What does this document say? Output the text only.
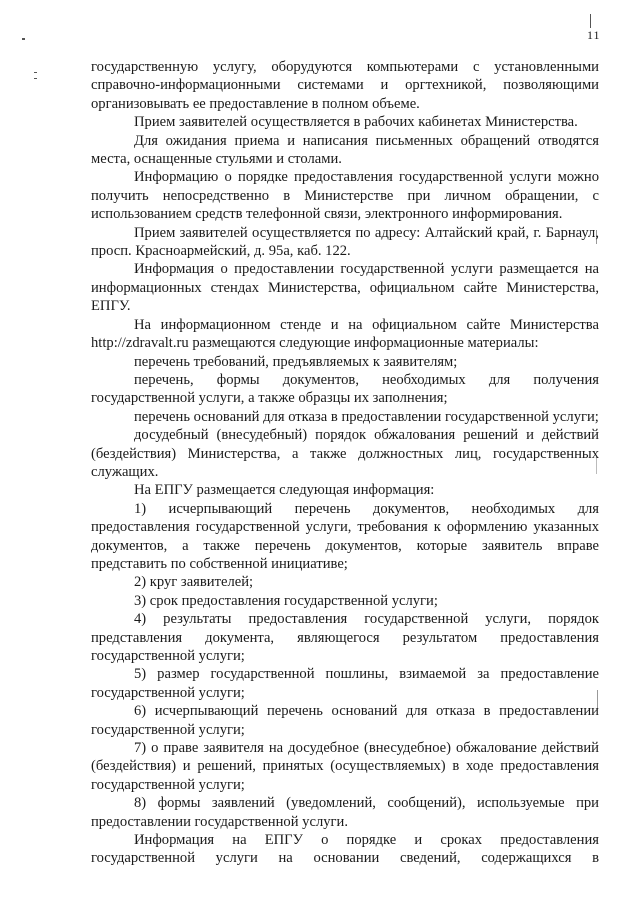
11

государственную услугу, оборудуются компьютерами с установленными справочно-информационными системами и оргтехникой, позволяющими организовывать ее предоставление в полном объеме.

Прием заявителей осуществляется в рабочих кабинетах Министерства.

Для ожидания приема и написания письменных обращений отводятся места, оснащенные стульями и столами.

Информацию о порядке предоставления государственной услуги можно получить непосредственно в Министерстве при личном обращении, с использованием средств телефонной связи, электронного информирования.

Прием заявителей осуществляется по адресу: Алтайский край, г. Барнаул, просп. Красноармейский, д. 95а, каб. 122.

Информация о предоставлении государственной услуги размещается на информационных стендах Министерства, официальном сайте Министерства, ЕПГУ.

На информационном стенде и на официальном сайте Министерства http://zdravalt.ru размещаются следующие информационные материалы:

перечень требований, предъявляемых к заявителям;

перечень, формы документов, необходимых для получения государственной услуги, а также образцы их заполнения;

перечень оснований для отказа в предоставлении государственной услуги;

досудебный (внесудебный) порядок обжалования решений и действий (бездействия) Министерства, а также должностных лиц, государственных служащих.

На ЕПГУ размещается следующая информация:

1) исчерпывающий перечень документов, необходимых для предоставления государственной услуги, требования к оформлению указанных документов, а также перечень документов, которые заявитель вправе представить по собственной инициативе;

2) круг заявителей;

3) срок предоставления государственной услуги;

4) результаты предоставления государственной услуги, порядок представления документа, являющегося результатом предоставления государственной услуги;

5) размер государственной пошлины, взимаемой за предоставление государственной услуги;

6) исчерпывающий перечень оснований для отказа в предоставлении государственной услуги;

7) о праве заявителя на досудебное (внесудебное) обжалование действий (бездействия) и решений, принятых (осуществляемых) в ходе предоставления государственной услуги;

8) формы заявлений (уведомлений, сообщений), используемые при предоставлении государственной услуги.

Информация на ЕПГУ о порядке и сроках предоставления государственной услуги на основании сведений, содержащихся в
